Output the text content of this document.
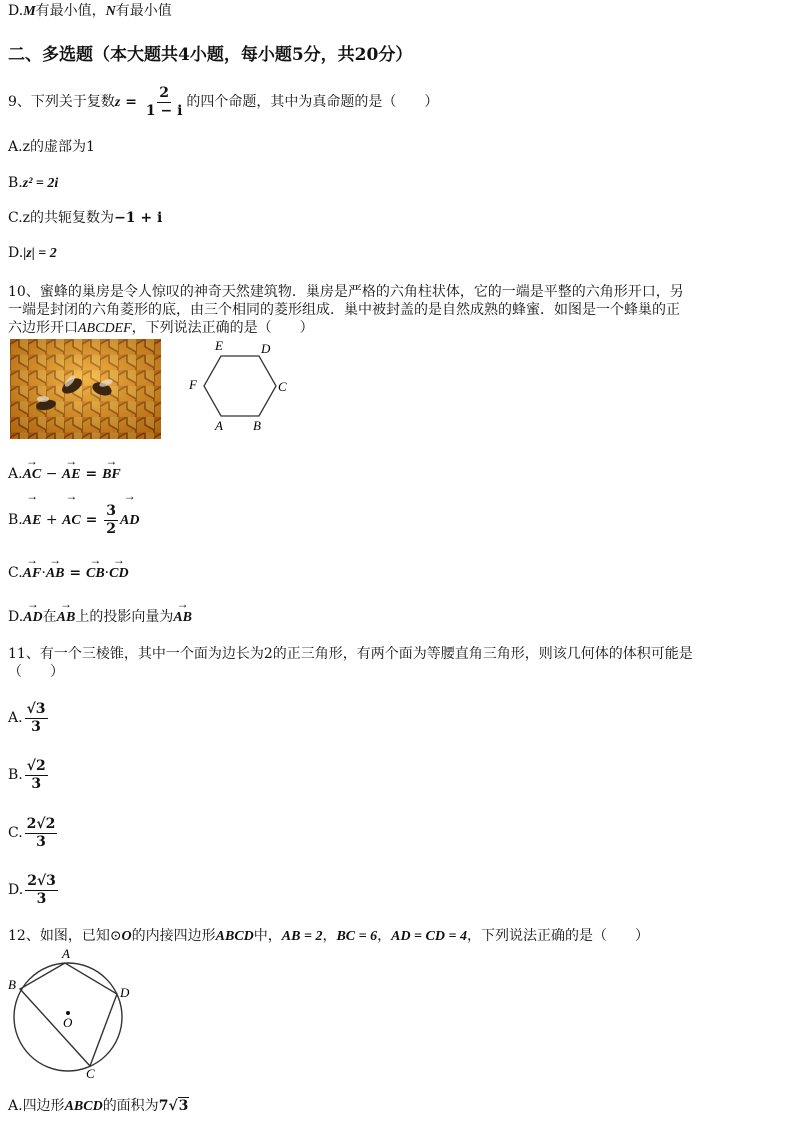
D.M有最小值，N有最小值
二、多选题（本大题共4小题，每小题5分，共20分）
9、下列关于复数$z = \frac{2}{1 - i}$ 的四个命题，其中为真命题的是（　　）
A.z的虚部为1
B.z² = 2i
C.z的共轭复数为−1 + i
D.|z| = 2
10、蜜蜂的巢房是令人惊叹的神奇天然建筑物．巢房是严格的六角柱状体，它的一端是平整的六角形开口，另
一端是封闭的六角菱形的底，由三个相同的菱形组成．巢中被封盖的是自然成熟的蜂蜜．如图是一个蜂巢的正
六边形开口ABCDEF，下列说法正确的是（　　）
E	D
C
F
A B
A.→ AC − → AE = → BF
B.→ AE + → AC = $\frac{3}{2}$
→ AD
C.→ AF·→ AB = → CB·→ CD
D.→ AD在→ AB上的投影向量为→ AB
11、有一个三棱锥，其中一个面为边长为2的正三角形，有两个面为等腰直角三角形，则该几何体的体积可能是
（　　）
A. $\frac{√3}{3}$
B. $\frac{√2}{3}$
C. $\frac{2√2}{3}$
D. $\frac{2√3}{3}$
12、如图，已知⊙O的内接四边形ABCD中，AB = 2，BC = 6，AD = CD = 4，下列说法正确的是（　　）
A
B
C
D
O
A.四边形ABCD的面积为7√3
